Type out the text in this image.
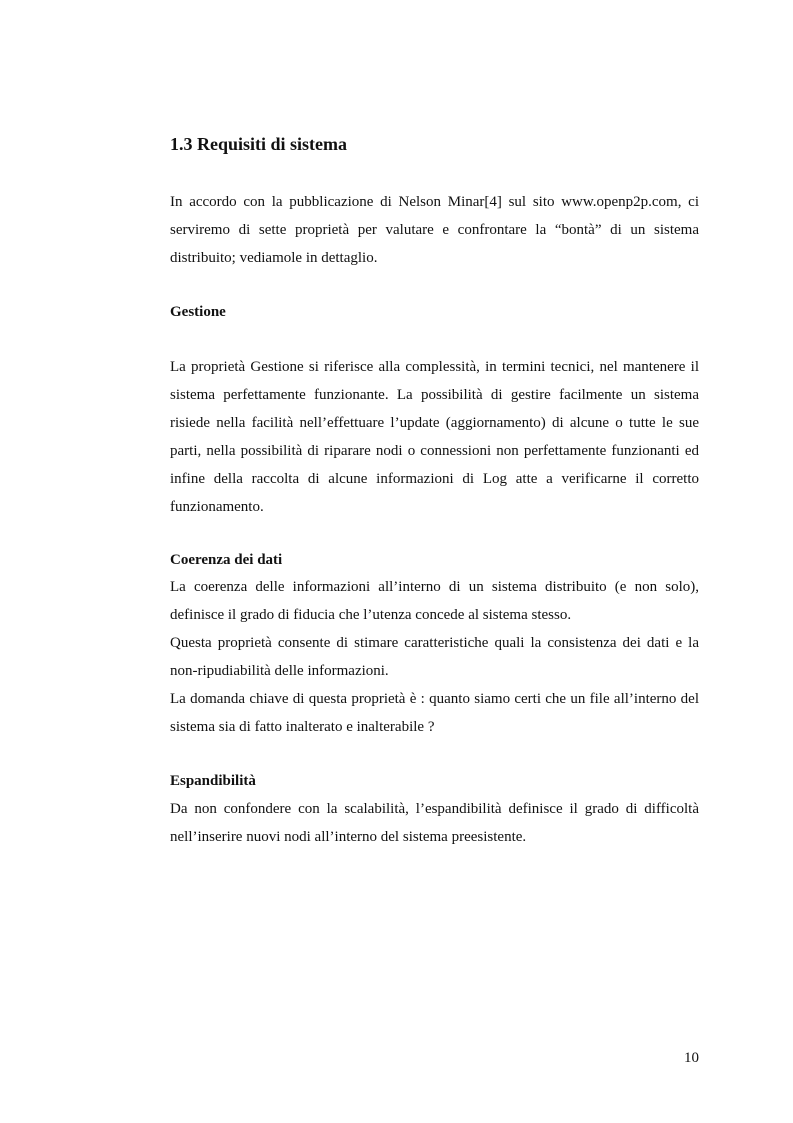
1.3 Requisiti di sistema

In accordo con la pubblicazione di Nelson Minar[4] sul sito www.openp2p.com, ci serviremo di sette proprietà per valutare e confrontare la “bontà” di un sistema distribuito; vediamole in dettaglio.

Gestione

La proprietà Gestione si riferisce alla complessità, in termini tecnici, nel mantenere il sistema perfettamente funzionante. La possibilità di gestire facilmente un sistema risiede nella facilità nell’effettuare l’update (aggiornamento) di alcune o tutte le sue parti, nella possibilità di riparare nodi o connessioni non perfettamente funzionanti ed infine della raccolta di alcune informazioni di Log atte a verificarne il corretto funzionamento.

Coerenza dei dati

La coerenza delle informazioni all’interno di un sistema distribuito (e non solo), definisce il grado di fiducia che l’utenza concede al sistema stesso.

Questa proprietà consente di stimare caratteristiche quali la consistenza dei dati e la non-ripudiabilità delle informazioni.

La domanda chiave di questa proprietà è : quanto siamo certi che un file all’interno del sistema sia di fatto inalterato e inalterabile ?

Espandibilità

Da non confondere con la scalabilità, l’espandibilità definisce il grado di difficoltà nell’inserire nuovi nodi all’interno del sistema preesistente.

10
